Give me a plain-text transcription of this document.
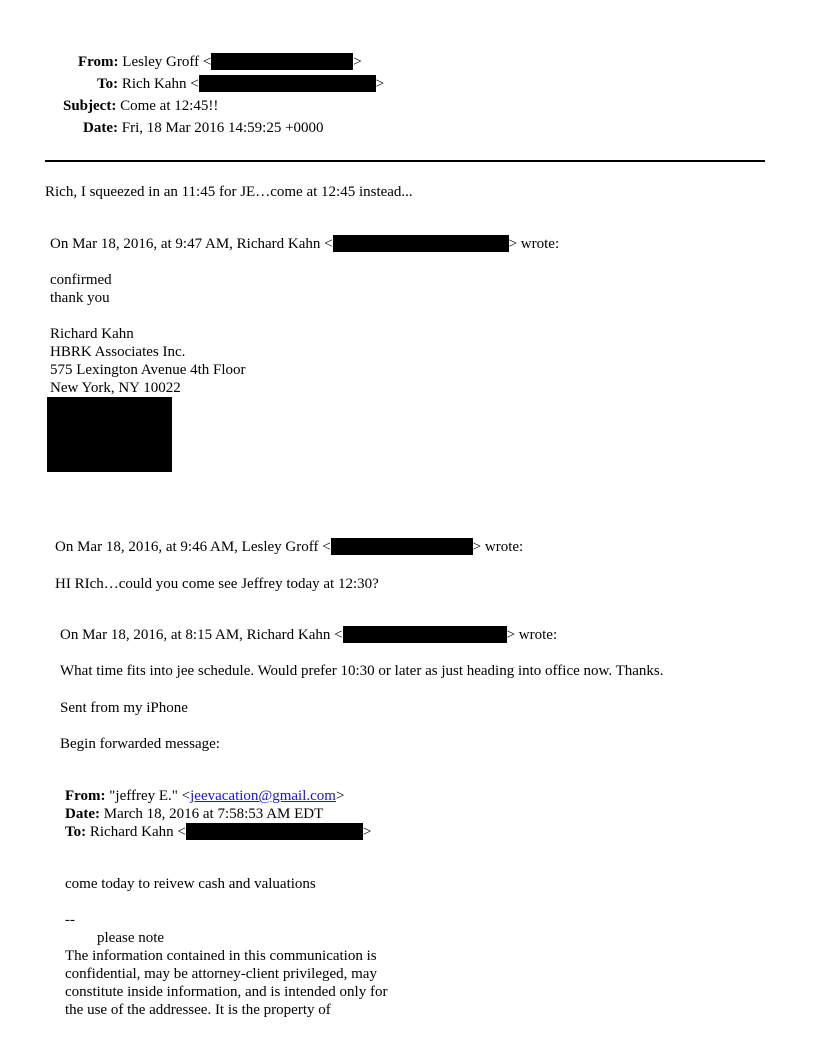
From: Lesley Groff <	>
To: Rich Kahn <	>
Subject: Come at 12:45!!
Date: Fri, 18 Mar 2016 14:59:25 +0000
Rich, I squeezed in an 11:45 for JE…come at 12:45 instead...
On Mar 18, 2016, at 9:47 AM, Richard Kahn <	> wrote:
confirmed
thank you
Richard Kahn
HBRK Associates Inc.
575 Lexington Avenue 4th Floor
New York, NY 10022
On Mar 18, 2016, at 9:46 AM, Lesley Groff <	> wrote:
HI RIch…could you come see Jeffrey today at 12:30?
On Mar 18, 2016, at 8:15 AM, Richard Kahn <	> wrote:
What time fits into jee schedule. Would prefer 10:30 or later as just heading into office now. Thanks.
Sent from my iPhone
Begin forwarded message:
From: "jeffrey E." <jeevacation@gmail.com>
Date: March 18, 2016 at 7:58:53 AM EDT
To: Richard Kahn <	>
come today to reivew cash and valuations
--
please note
The information contained in this communication is
confidential, may be attorney-client privileged, may
constitute inside information, and is intended only for
the use of the addressee. It is the property of
